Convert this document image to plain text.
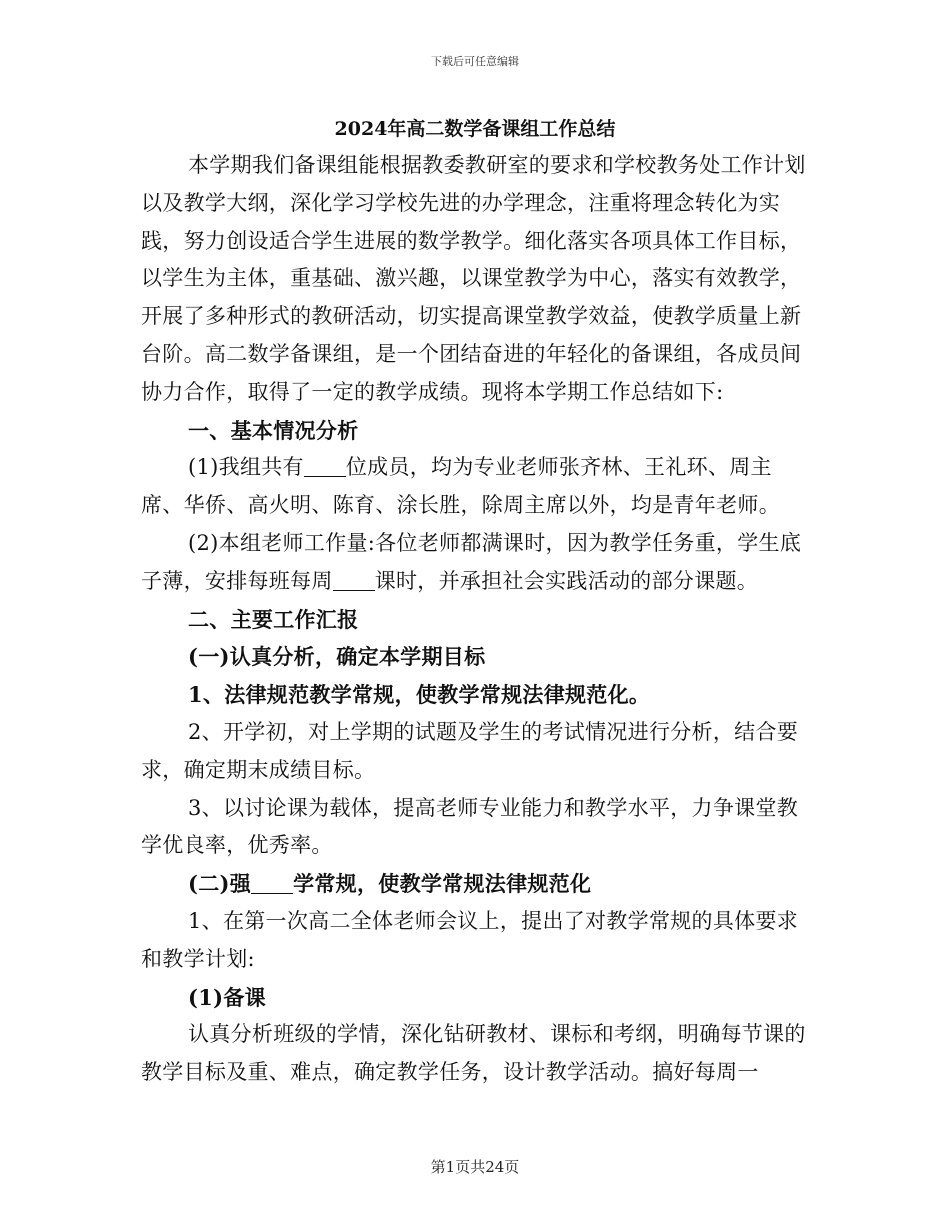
下载后可任意编辑
2024年高二数学备课组工作总结

本学期我们备课组能根据教委教研室的要求和学校教务处工作计划以及教学大纲，深化学习学校先进的办学理念，注重将理念转化为实践，努力创设适合学生进展的数学教学。细化落实各项具体工作目标，以学生为主体，重基础、激兴趣，以课堂教学为中心，落实有效教学，开展了多种形式的教研活动，切实提高课堂教学效益，使教学质量上新台阶。高二数学备课组，是一个团结奋进的年轻化的备课组，各成员间协力合作，取得了一定的教学成绩。现将本学期工作总结如下:

一、基本情况分析

(1)我组共有 位成员，均为专业老师张齐林、王礼环、周主席、华侨、高火明、陈育、涂长胜，除周主席以外，均是青年老师。

(2)本组老师工作量:各位老师都满课时，因为教学任务重，学生底子薄，安排每班每周 课时，并承担社会实践活动的部分课题。

二、主要工作汇报

(一)认真分析，确定本学期目标

1、法律规范教学常规，使教学常规法律规范化。

2、开学初，对上学期的试题及学生的考试情况进行分析，结合要求，确定期末成绩目标。

3、以讨论课为载体，提高老师专业能力和教学水平，力争课堂教学优良率，优秀率。

(二)强 学常规，使教学常规法律规范化

1、在第一次高二全体老师会议上，提出了对教学常规的具体要求和教学计划:

(1)备课

认真分析班级的学情，深化钻研教材、课标和考纲，明确每节课的教学目标及重、难点，确定教学任务，设计教学活动。搞好每周一

第1页共24页
